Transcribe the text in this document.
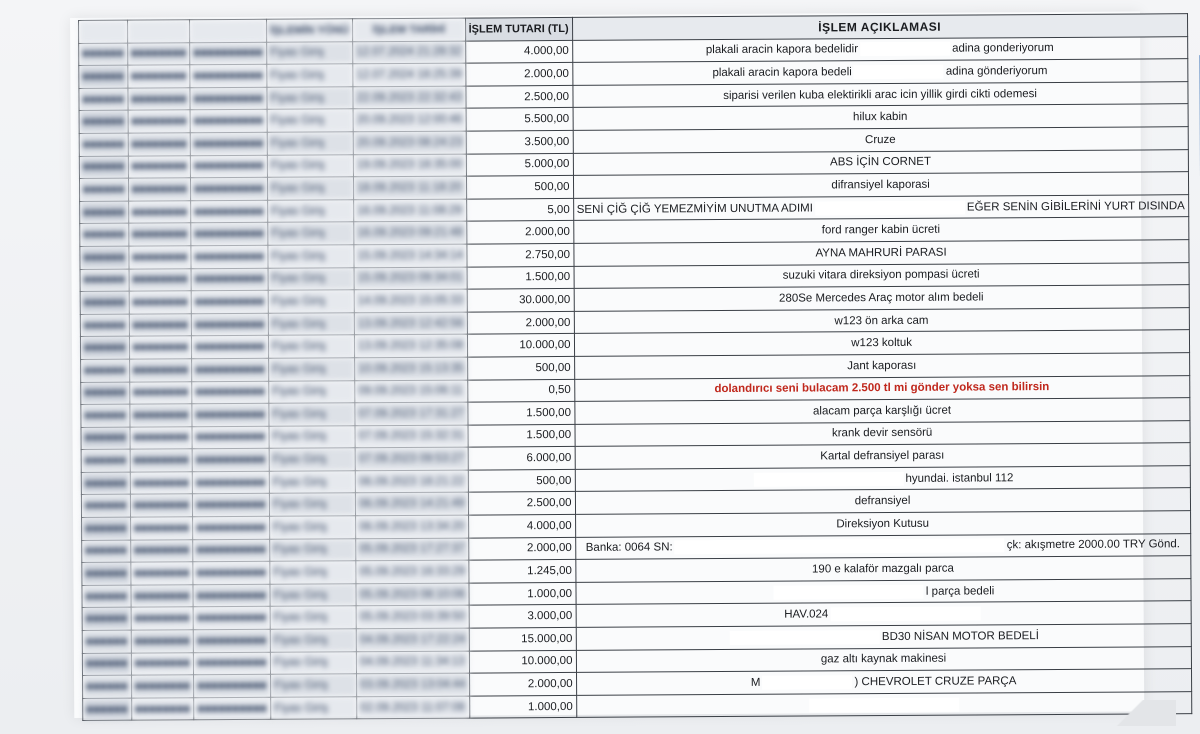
			İŞLEMİN YÖNÜ	İŞLEM TARİHİ	İŞLEM TUTARI (TL)	İŞLEM AÇIKLAMASI
■■■■■■	■■■■■■■■	■■■■■■■■■■	Fiyas Giriş	12.07.2024 21:28:32	4.000,00	plakali aracin kapora bedelidir adina gonderiyorum
■■■■■■	■■■■■■■■	■■■■■■■■■■	Fiyas Giriş	12.07.2024 18:25:39	2.000,00	plakali aracin kapora bedeli adina gönderiyorum
■■■■■■	■■■■■■■■	■■■■■■■■■■	Fiyas Giriş	22.09.2023 22:32:43	2.500,00	siparisi verilen kuba elektirikli arac icin yillik girdi cikti odemesi
■■■■■■	■■■■■■■■	■■■■■■■■■■	Fiyas Giriş	20.09.2023 12:00:46	5.500,00	hilux kabin
■■■■■■	■■■■■■■■	■■■■■■■■■■	Fiyas Giriş	20.09.2023 08:24:23	3.500,00	Cruze
■■■■■■	■■■■■■■■	■■■■■■■■■■	Fiyas Giriş	19.09.2023 18:35:00	5.000,00	ABS İÇİN CORNET
■■■■■■	■■■■■■■■	■■■■■■■■■■	Fiyas Giriş	18.09.2023 11:18:20	500,00	difransiyel kaporasi
■■■■■■	■■■■■■■■	■■■■■■■■■■	Fiyas Giriş	16.09.2023 11:08:29	5,00	SENİ ÇİĞ ÇİĞ YEMEZMİYİM UNUTMA ADIMI EĞER SENİN GİBİLERİNİ YURT DISINDA
■■■■■■	■■■■■■■■	■■■■■■■■■■	Fiyas Giriş	16.09.2023 09:21:48	2.000,00	ford ranger kabin ücreti
■■■■■■	■■■■■■■■	■■■■■■■■■■	Fiyas Giriş	15.09.2023 14:34:14	2.750,00	AYNA MAHRURİ PARASI
■■■■■■	■■■■■■■■	■■■■■■■■■■	Fiyas Giriş	15.09.2023 09:34:01	1.500,00	suzuki vitara direksiyon pompasi ücreti
■■■■■■	■■■■■■■■	■■■■■■■■■■	Fiyas Giriş	14.09.2023 15:05:33	30.000,00	280Se Mercedes Araç motor alım bedeli
■■■■■■	■■■■■■■■	■■■■■■■■■■	Fiyas Giriş	13.09.2023 12:42:56	2.000,00	w123 ön arka cam
■■■■■■	■■■■■■■■	■■■■■■■■■■	Fiyas Giriş	13.09.2023 12:35:08	10.000,00	w123 koltuk
■■■■■■	■■■■■■■■	■■■■■■■■■■	Fiyas Giriş	10.09.2023 15:13:35	500,00	Jant kaporası
■■■■■■	■■■■■■■■	■■■■■■■■■■	Fiyas Giriş	09.09.2023 15:06:11	0,50	dolandırıcı seni bulacam 2.500 tl mi gönder yoksa sen bilirsin
■■■■■■	■■■■■■■■	■■■■■■■■■■	Fiyas Giriş	07.09.2023 17:31:27	1.500,00	alacam parça karşlığı ücret
■■■■■■	■■■■■■■■	■■■■■■■■■■	Fiyas Giriş	07.09.2023 15:32:31	1.500,00	krank devir sensörü
■■■■■■	■■■■■■■■	■■■■■■■■■■	Fiyas Giriş	07.09.2023 09:53:27	6.000,00	Kartal defransiyel parası
■■■■■■	■■■■■■■■	■■■■■■■■■■	Fiyas Giriş	06.09.2023 18:21:22	500,00	hyundai. istanbul 112
■■■■■■	■■■■■■■■	■■■■■■■■■■	Fiyas Giriş	06.09.2023 14:21:49	2.500,00	defransiyel
■■■■■■	■■■■■■■■	■■■■■■■■■■	Fiyas Giriş	06.09.2023 13:34:20	4.000,00	Direksiyon Kutusu
■■■■■■	■■■■■■■■	■■■■■■■■■■	Fiyas Giriş	05.09.2023 17:27:37	2.000,00	Banka: 0064 SN: çk: akışmetre 2000.00 TRY Gönd.
■■■■■■	■■■■■■■■	■■■■■■■■■■	Fiyas Giriş	05.09.2023 16:33:29	1.245,00	190 e kalaför mazgalı parca
■■■■■■	■■■■■■■■	■■■■■■■■■■	Fiyas Giriş	05.09.2023 08:10:06	1.000,00	l parça bedeli
■■■■■■	■■■■■■■■	■■■■■■■■■■	Fiyas Giriş	05.09.2023 03:39:50	3.000,00	HAV.024
■■■■■■	■■■■■■■■	■■■■■■■■■■	Fiyas Giriş	04.09.2023 17:22:24	15.000,00	BD30 NİSAN MOTOR BEDELİ
■■■■■■	■■■■■■■■	■■■■■■■■■■	Fiyas Giriş	04.09.2023 11:34:13	10.000,00	gaz altı kaynak makinesi
■■■■■■	■■■■■■■■	■■■■■■■■■■	Fiyas Giriş	03.09.2023 13:04:44	2.000,00	M ) CHEVROLET CRUZE PARÇA
■■■■■■	■■■■■■■■	■■■■■■■■■■	Fiyas Giriş	02.09.2023 11:07:08	1.000,00	
